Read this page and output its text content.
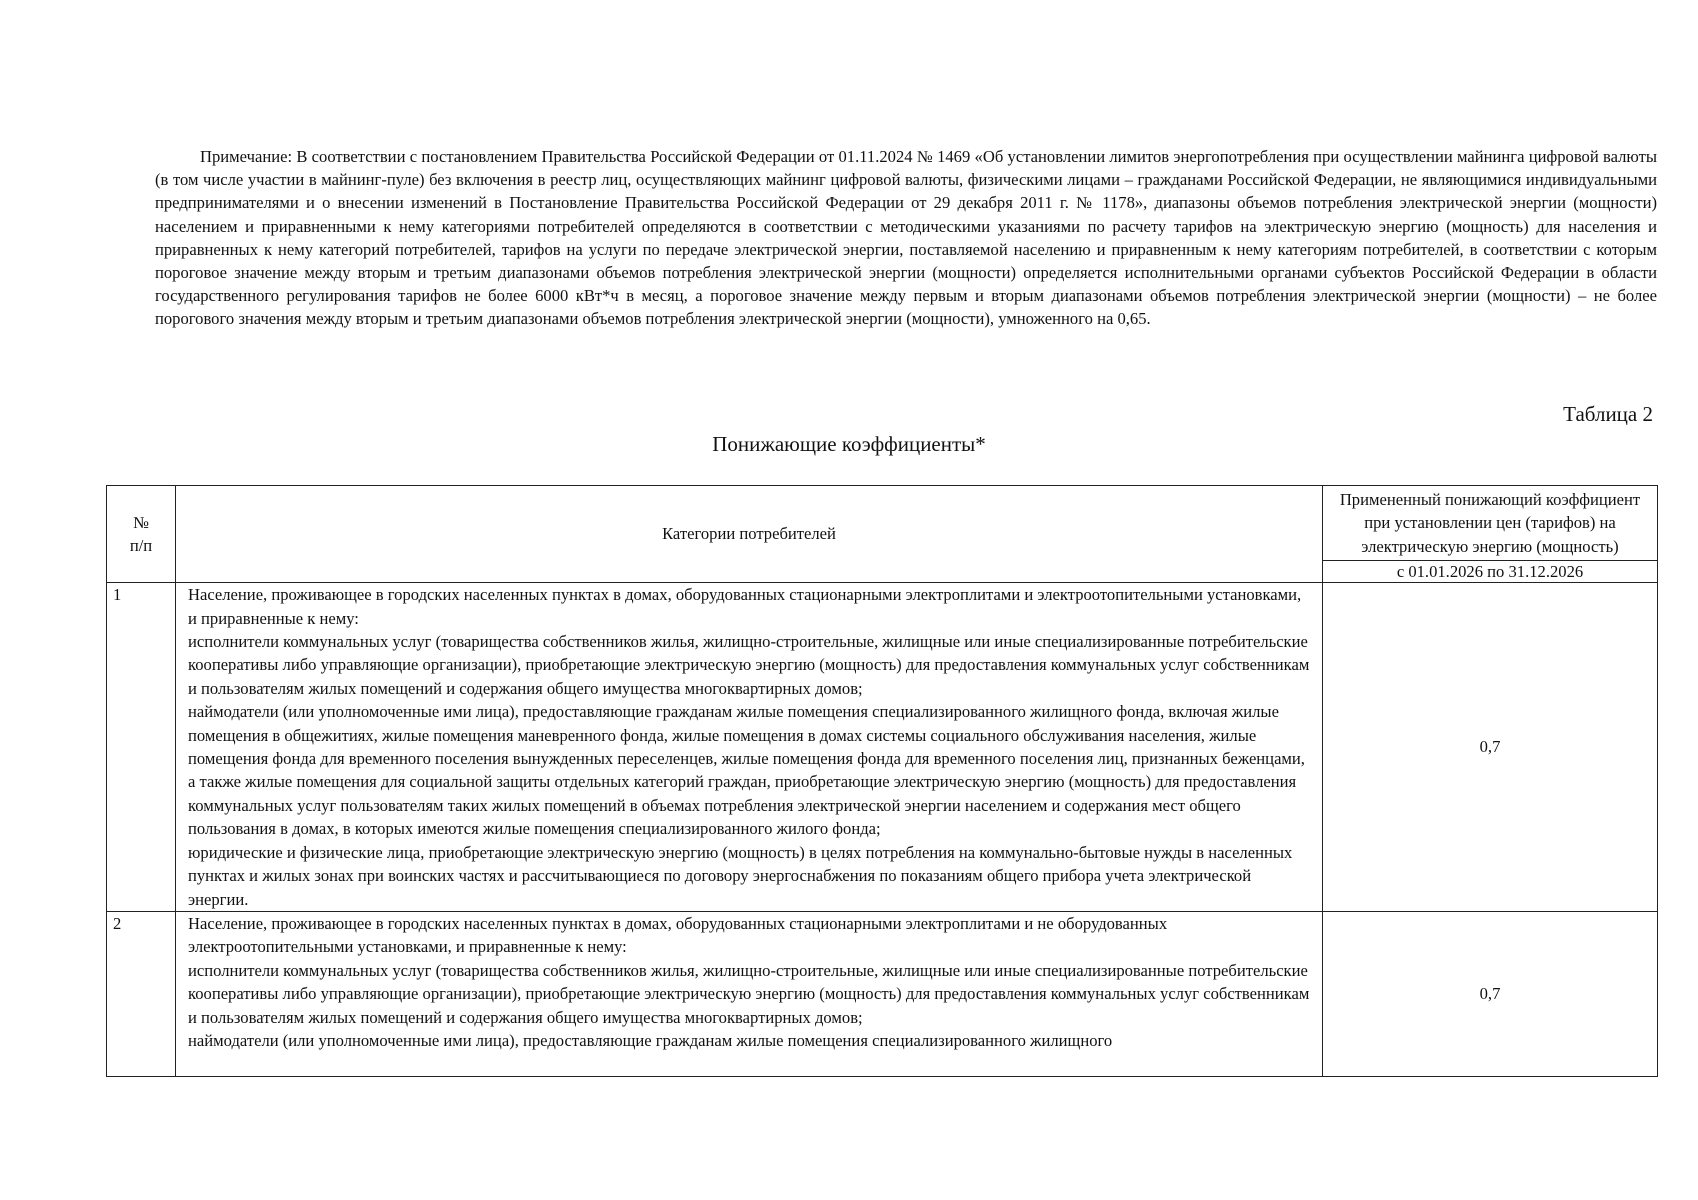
Примечание: В соответствии с постановлением Правительства Российской Федерации от 01.11.2024 № 1469 «Об установлении лимитов энергопотребления при осуществлении майнинга цифровой валюты (в том числе участии в майнинг-пуле) без включения в реестр лиц, осуществляющих майнинг цифровой валюты, физическими лицами – гражданами Российской Федерации, не являющимися индивидуальными предпринимателями и о внесении изменений в Постановление Правительства Российской Федерации от 29 декабря 2011 г. № 1178», диапазоны объемов потребления электрической энергии (мощности) населением и приравненными к нему категориями потребителей определяются в соответствии с методическими указаниями по расчету тарифов на электрическую энергию (мощность) для населения и приравненных к нему категорий потребителей, тарифов на услуги по передаче электрической энергии, поставляемой населению и приравненным к нему категориям потребителей, в соответствии с которым пороговое значение между вторым и третьим диапазонами объемов потребления электрической энергии (мощности) определяется исполнительными органами субъектов Российской Федерации в области государственного регулирования тарифов не более 6000 кВт*ч в месяц, а пороговое значение между первым и вторым диапазонами объемов потребления электрической энергии (мощности) – не более порогового значения между вторым и третьим диапазонами объемов потребления электрической энергии (мощности), умноженного на 0,65.
Таблица 2
Понижающие коэффициенты*
№
п/п	Категории потребителей	Примененный понижающий коэффициент при установлении цен (тарифов) на электрическую энергию (мощность)
		с 01.01.2026 по 31.12.2026
1	Население, проживающее в городских населенных пунктах в домах, оборудованных стационарными электроплитами и электроотопительными установками, и приравненные к нему:

исполнители коммунальных услуг (товарищества собственников жилья, жилищно-строительные, жилищные или иные специализированные потребительские кооперативы либо управляющие организации), приобретающие электрическую энергию (мощность) для предоставления коммунальных услуг собственникам и пользователям жилых помещений и содержания общего имущества многоквартирных домов;

наймодатели (или уполномоченные ими лица), предоставляющие гражданам жилые помещения специализированного жилищного фонда, включая жилые помещения в общежитиях, жилые помещения маневренного фонда, жилые помещения в домах системы социального обслуживания населения, жилые помещения фонда для временного поселения вынужденных переселенцев, жилые помещения фонда для временного поселения лиц, признанных беженцами, а также жилые помещения для социальной защиты отдельных категорий граждан, приобретающие электрическую энергию (мощность) для предоставления коммунальных услуг пользователям таких жилых помещений в объемах потребления электрической энергии населением и содержания мест общего пользования в домах, в которых имеются жилые помещения специализированного жилого фонда;

юридические и физические лица, приобретающие электрическую энергию (мощность) в целях потребления на коммунально-бытовые нужды в населенных пунктах и жилых зонах при воинских частях и рассчитывающиеся по договору энергоснабжения по показаниям общего прибора учета электрической энергии.	0,7
2	Население, проживающее в городских населенных пунктах в домах, оборудованных стационарными электроплитами и не оборудованных электроотопительными установками, и приравненные к нему:

исполнители коммунальных услуг (товарищества собственников жилья, жилищно-строительные, жилищные или иные специализированные потребительские кооперативы либо управляющие организации), приобретающие электрическую энергию (мощность) для предоставления коммунальных услуг собственникам и пользователям жилых помещений и содержания общего имущества многоквартирных домов;

наймодатели (или уполномоченные ими лица), предоставляющие гражданам жилые помещения специализированного жилищного	0,7
